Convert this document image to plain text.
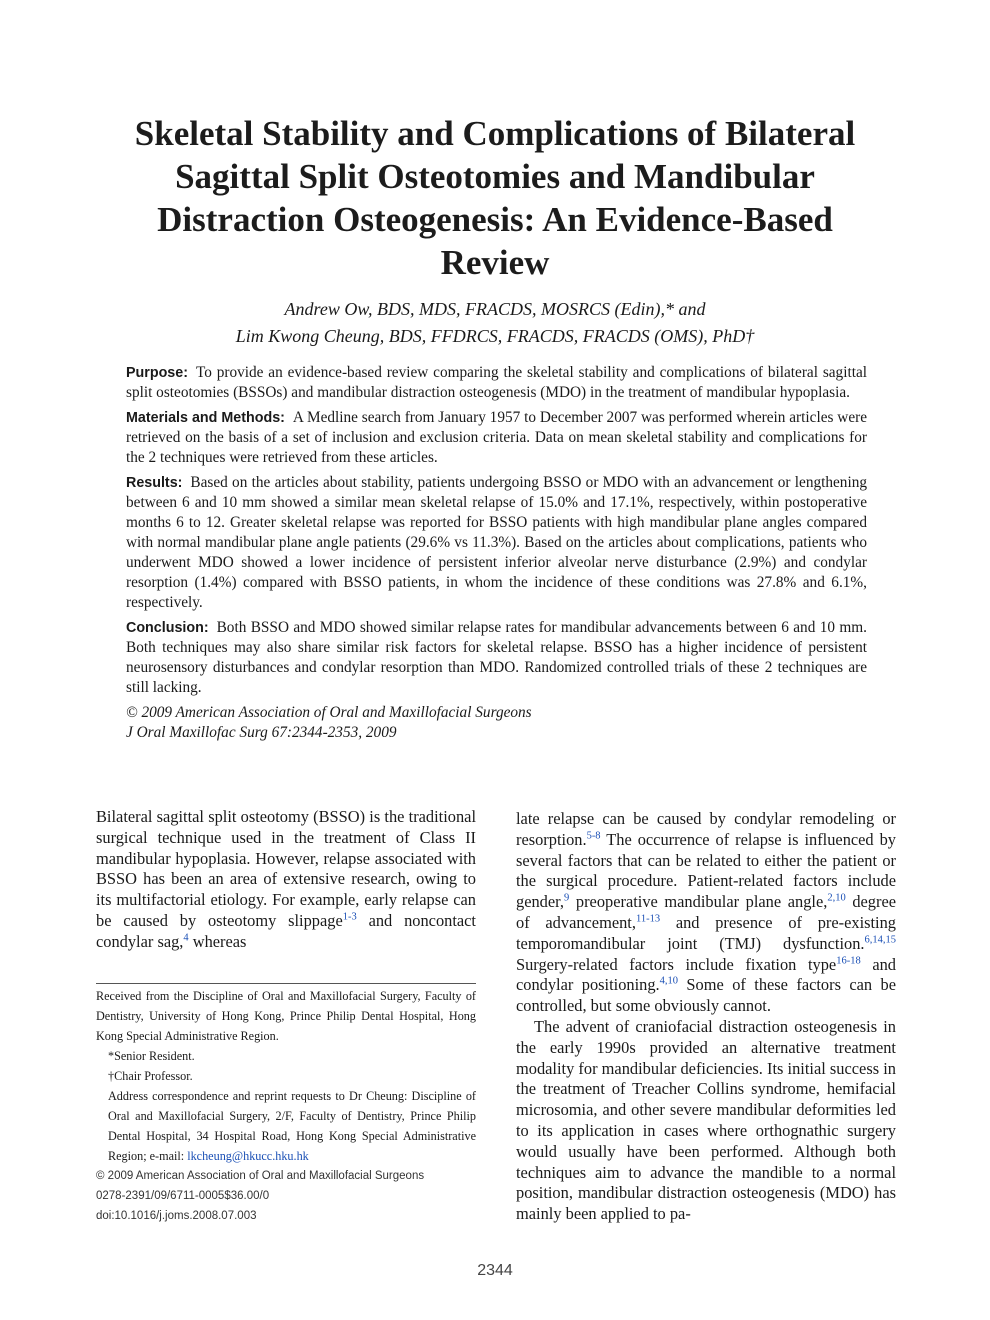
Skeletal Stability and Complications of Bilateral Sagittal Split Osteotomies and Mandibular Distraction Osteogenesis: An Evidence-Based Review
Andrew Ow, BDS, MDS, FRACDS, MOSRCS (Edin),* and
Lim Kwong Cheung, BDS, FFDRCS, FRACDS, FRACDS (OMS), PhD†

Purpose: To provide an evidence-based review comparing the skeletal stability and complications of bilateral sagittal split osteotomies (BSSOs) and mandibular distraction osteogenesis (MDO) in the treatment of mandibular hypoplasia.

Materials and Methods: A Medline search from January 1957 to December 2007 was performed wherein articles were retrieved on the basis of a set of inclusion and exclusion criteria. Data on mean skeletal stability and complications for the 2 techniques were retrieved from these articles.

Results: Based on the articles about stability, patients undergoing BSSO or MDO with an advancement or lengthening between 6 and 10 mm showed a similar mean skeletal relapse of 15.0% and 17.1%, respectively, within postoperative months 6 to 12. Greater skeletal relapse was reported for BSSO patients with high mandibular plane angles compared with normal mandibular plane angle patients (29.6% vs 11.3%). Based on the articles about complications, patients who underwent MDO showed a lower incidence of persistent inferior alveolar nerve disturbance (2.9%) and condylar resorption (1.4%) compared with BSSO patients, in whom the incidence of these conditions was 27.8% and 6.1%, respectively.

Conclusion: Both BSSO and MDO showed similar relapse rates for mandibular advancements between 6 and 10 mm. Both techniques may also share similar risk factors for skeletal relapse. BSSO has a higher incidence of persistent neurosensory disturbances and condylar resorption than MDO. Randomized controlled trials of these 2 techniques are still lacking.

© 2009 American Association of Oral and Maxillofacial Surgeons

J Oral Maxillofac Surg 67:2344-2353, 2009

Bilateral sagittal split osteotomy (BSSO) is the traditional surgical technique used in the treatment of Class II mandibular hypoplasia. However, relapse associated with BSSO has been an area of extensive research, owing to its multifactorial etiology. For example, early relapse can be caused by osteotomy slippage$^{1-3}$ and noncontact condylar sag,$^4$ whereas

Received from the Discipline of Oral and Maxillofacial Surgery, Faculty of Dentistry, University of Hong Kong, Prince Philip Dental Hospital, Hong Kong Special Administrative Region.

*Senior Resident.

†Chair Professor.

Address correspondence and reprint requests to Dr Cheung: Discipline of Oral and Maxillofacial Surgery, 2/F, Faculty of Dentistry, Prince Philip Dental Hospital, 34 Hospital Road, Hong Kong Special Administrative Region; e-mail: lkcheung@hkucc.hku.hk

© 2009 American Association of Oral and Maxillofacial Surgeons

0278-2391/09/6711-0005$36.00/0

doi:10.1016/j.joms.2008.07.003

late relapse can be caused by condylar remodeling or resorption.$^{5-8}$ The occurrence of relapse is influenced by several factors that can be related to either the patient or the surgical procedure. Patient-related factors include gender,$^9$ preoperative mandibular plane angle,$^{2,10}$ degree of advancement,$^{11-13}$ and presence of pre-existing temporomandibular joint (TMJ) dysfunction.$^{6,14,15}$ Surgery-related factors include fixation type$^{16-18}$ and condylar positioning.$^{4,10}$ Some of these factors can be controlled, but some obviously cannot.

The advent of craniofacial distraction osteogenesis in the early 1990s provided an alternative treatment modality for mandibular deficiencies. Its initial success in the treatment of Treacher Collins syndrome, hemifacial microsomia, and other severe mandibular deformities led to its application in cases where orthognathic surgery would usually have been performed. Although both techniques aim to advance the mandible to a normal position, mandibular distraction osteogenesis (MDO) has mainly been applied to pa-

2344
